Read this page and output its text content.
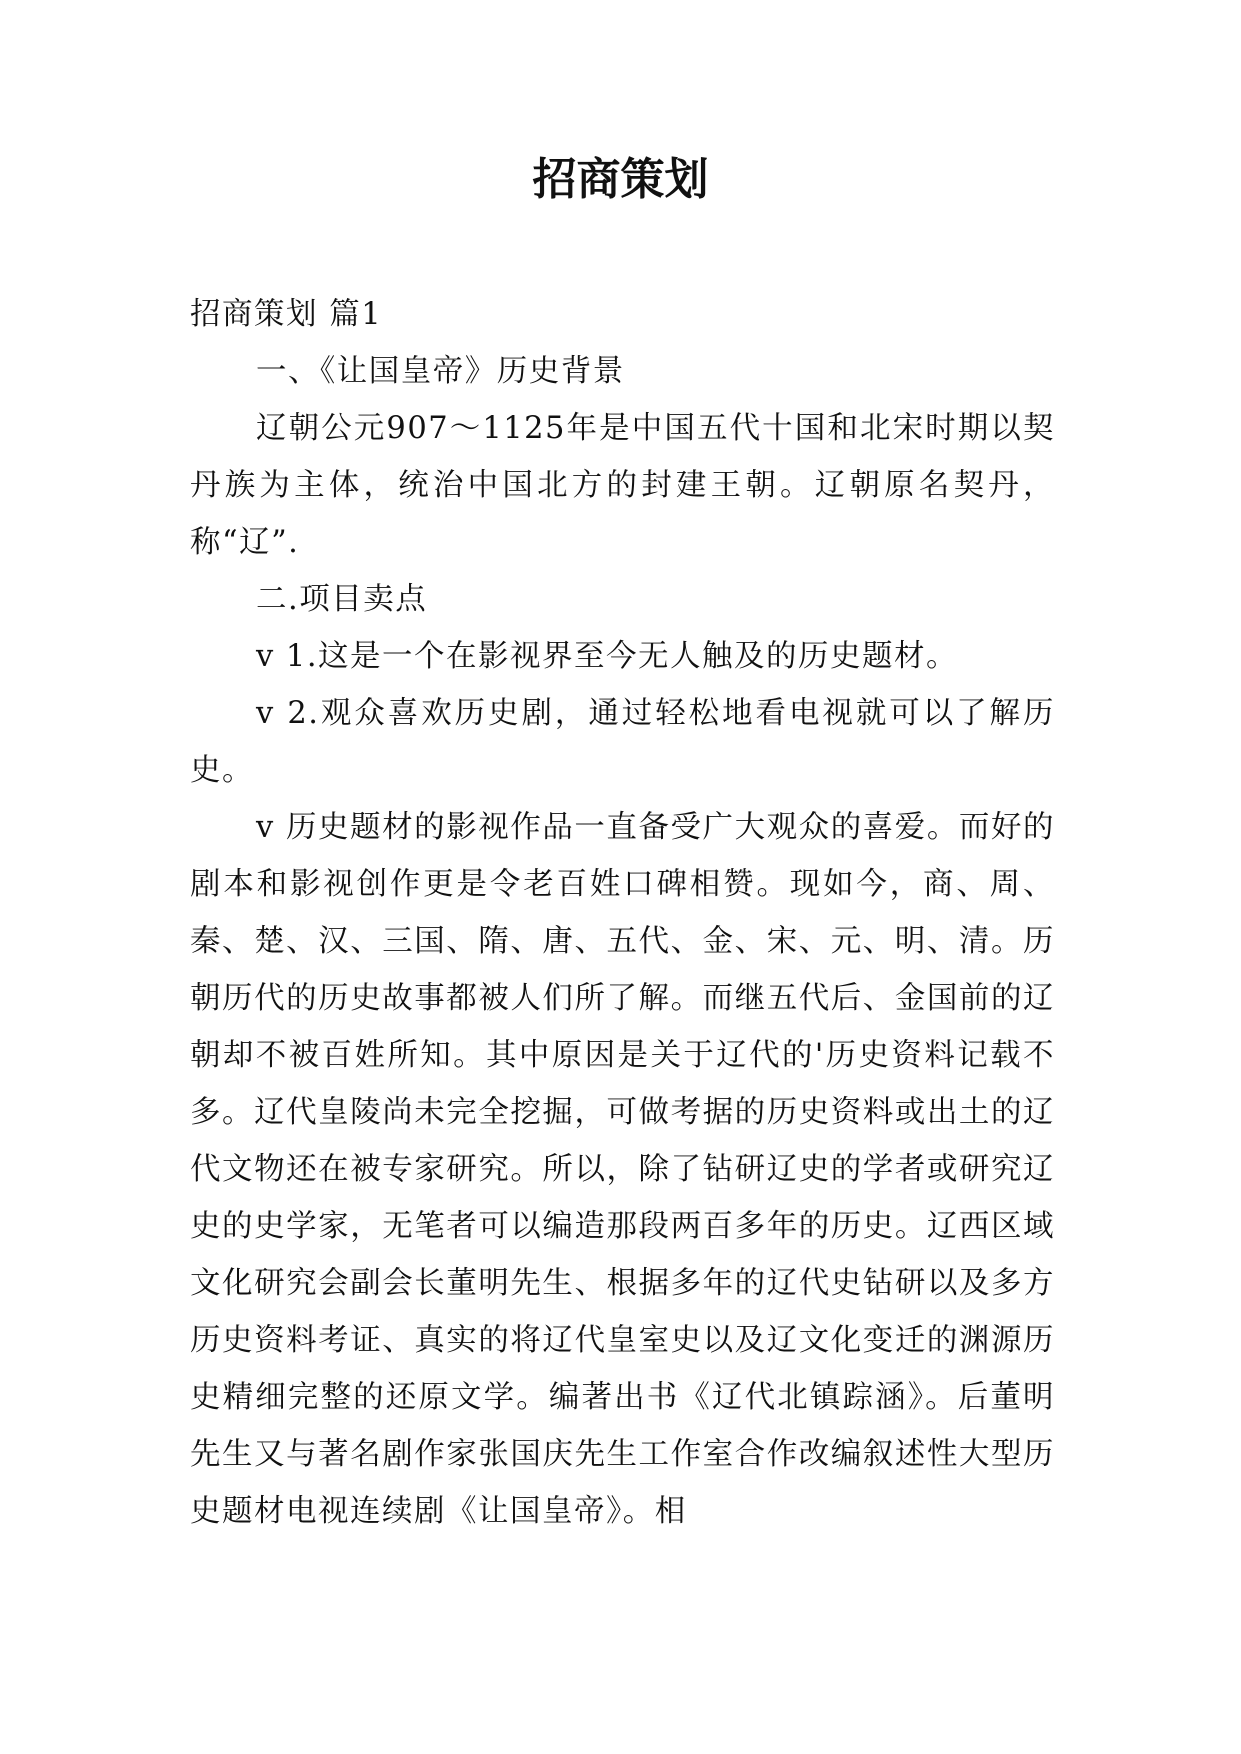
招商策划

招商策划 篇1

一、《让国皇帝》历史背景

辽朝公元907～1125年是中国五代十国和北宋时期以契丹族为主体，统治中国北方的封建王朝。辽朝原名契丹，称“辽”.

二.项目卖点

v 1.这是一个在影视界至今无人触及的历史题材。

v 2.观众喜欢历史剧，通过轻松地看电视就可以了解历史。

v 历史题材的影视作品一直备受广大观众的喜爱。而好的剧本和影视创作更是令老百姓口碑相赞。现如今，商、周、秦、楚、汉、三国、隋、唐、五代、金、宋、元、明、清。历朝历代的历史故事都被人们所了解。而继五代后、金国前的辽朝却不被百姓所知。其中原因是关于辽代的'历史资料记载不多。辽代皇陵尚未完全挖掘，可做考据的历史资料或出土的辽代文物还在被专家研究。所以，除了钻研辽史的学者或研究辽史的史学家，无笔者可以编造那段两百多年的历史。辽西区域文化研究会副会长董明先生、根据多年的辽代史钻研以及多方历史资料考证、真实的将辽代皇室史以及辽文化变迁的渊源历史精细完整的还原文学。编著出书《辽代北镇踪涵》。后董明先生又与著名剧作家张国庆先生工作室合作改编叙述性大型历史题材电视连续剧《让国皇帝》。相
